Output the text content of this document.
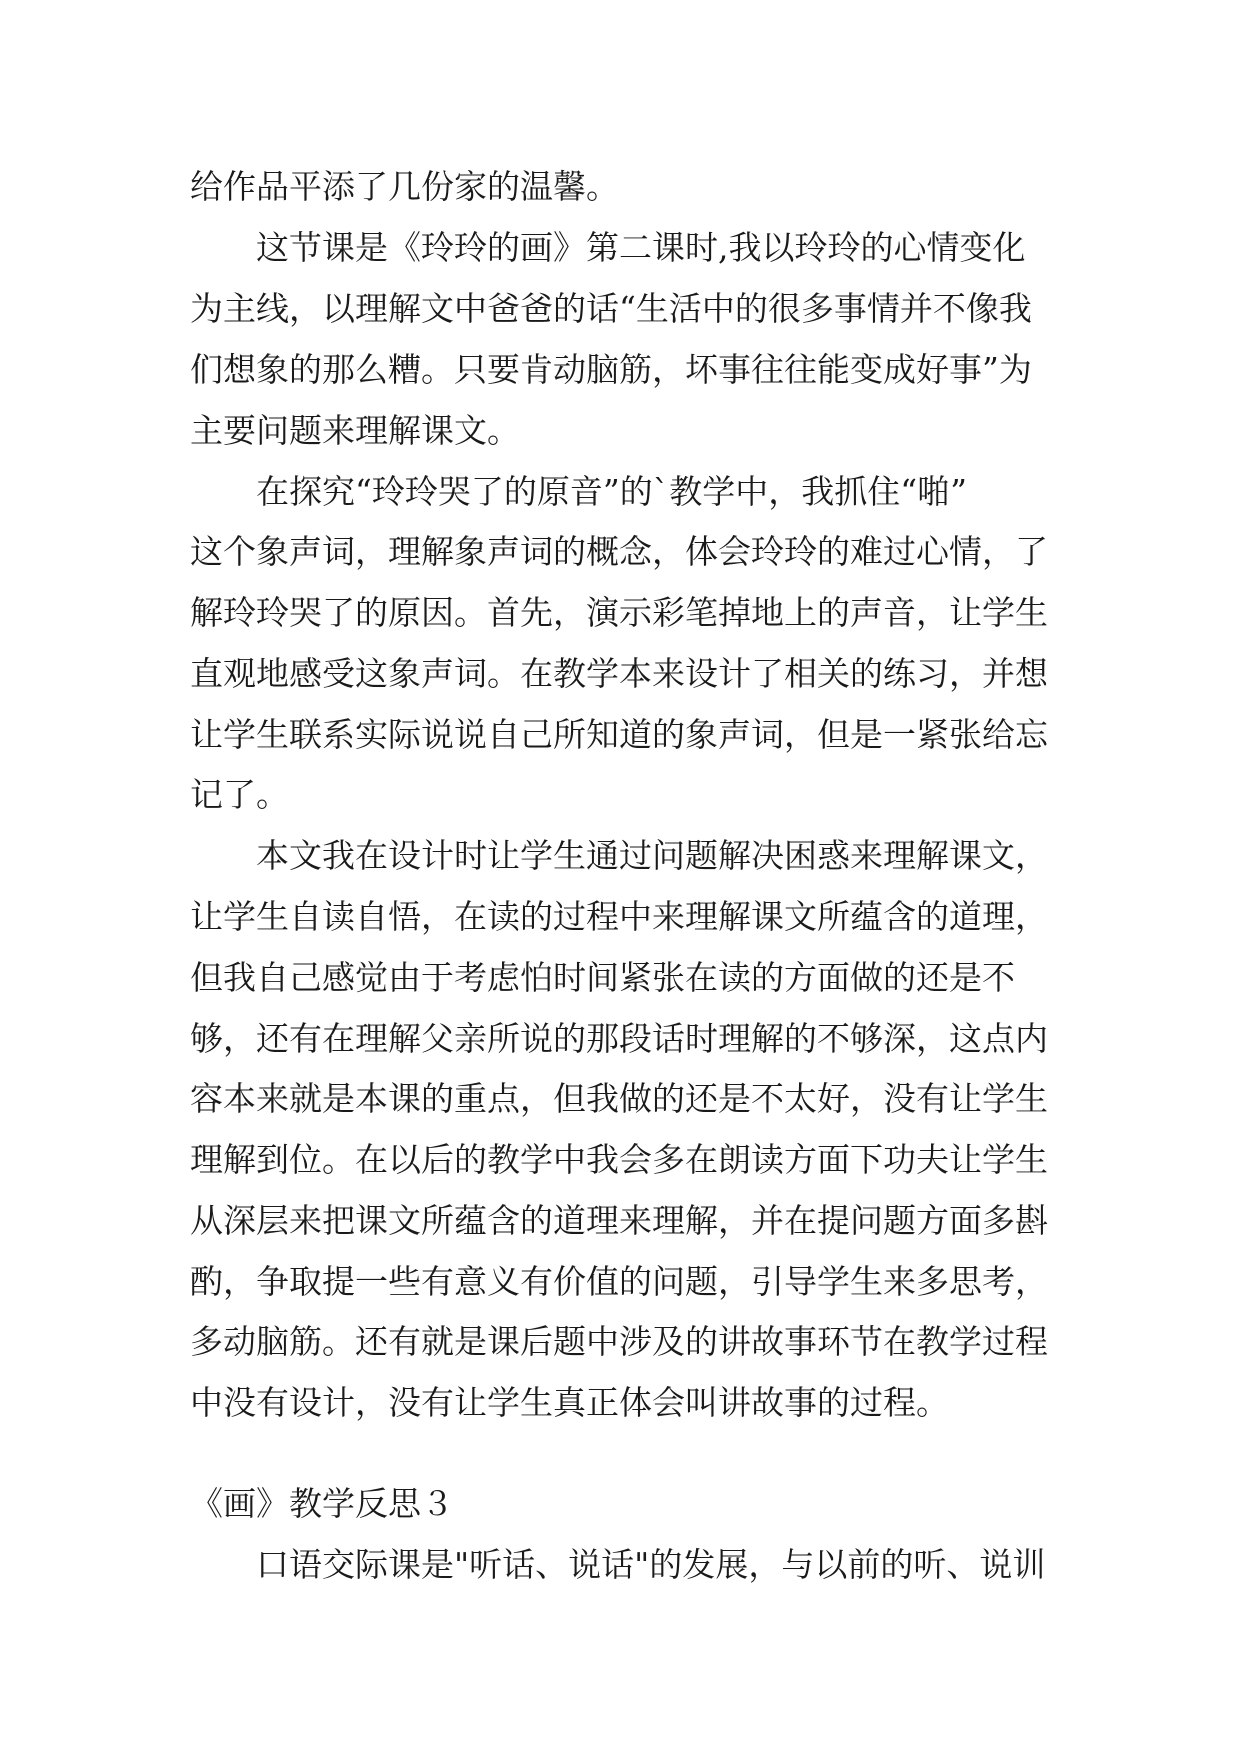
给作品平添了几份家的温馨。
这节课是《玲玲的画》第二课时,我以玲玲的心情变化
为主线，以理解文中爸爸的话“生活中的很多事情并不像我
们想象的那么糟。只要肯动脑筋，坏事往往能变成好事”为
主要问题来理解课文。
在探究“玲玲哭了的原音”的`教学中，我抓住“啪”
这个象声词，理解象声词的概念，体会玲玲的难过心情，了
解玲玲哭了的原因。首先，演示彩笔掉地上的声音，让学生
直观地感受这象声词。在教学本来设计了相关的练习，并想
让学生联系实际说说自己所知道的象声词，但是一紧张给忘
记了。
本文我在设计时让学生通过问题解决困惑来理解课文，
让学生自读自悟，在读的过程中来理解课文所蕴含的道理，
但我自己感觉由于考虑怕时间紧张在读的方面做的还是不
够，还有在理解父亲所说的那段话时理解的不够深，这点内
容本来就是本课的重点，但我做的还是不太好，没有让学生
理解到位。在以后的教学中我会多在朗读方面下功夫让学生
从深层来把课文所蕴含的道理来理解，并在提问题方面多斟
酌，争取提一些有意义有价值的问题，引导学生来多思考，
多动脑筋。还有就是课后题中涉及的讲故事环节在教学过程
中没有设计，没有让学生真正体会叫讲故事的过程。
《画》教学反思３
口语交际课是"听话、说话"的发展，与以前的听、说训
